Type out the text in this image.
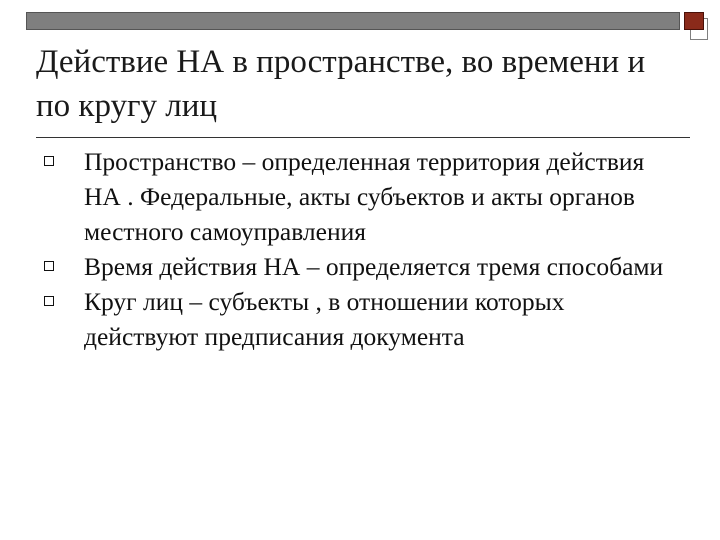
Действие НА в пространстве, во времени и по кругу лиц
Пространство – определенная территория действия НА . Федеральные, акты субъектов и акты органов местного самоуправления
Время действия НА – определяется тремя способами
Круг лиц – субъекты , в отношении которых действуют предписания документа
